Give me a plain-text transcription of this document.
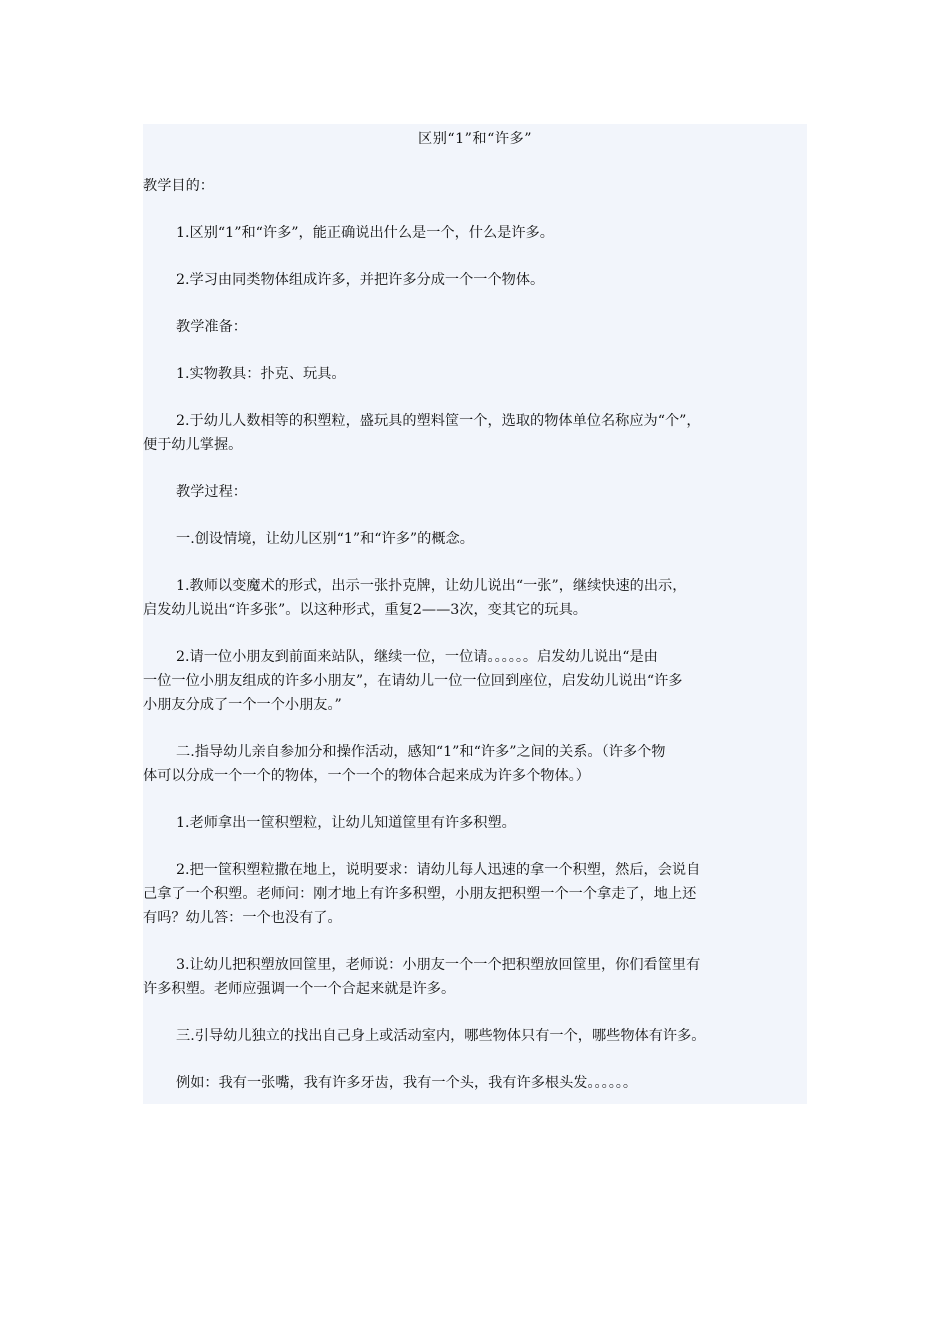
区别“1”和“许多”

教学目的：

1.区别“1”和“许多”，能正确说出什么是一个，什么是许多。

2.学习由同类物体组成许多，并把许多分成一个一个物体。

教学准备：

1.实物教具：扑克、玩具。

2.于幼儿人数相等的积塑粒，盛玩具的塑料筐一个，选取的物体单位名称应为“个”，

便于幼儿掌握。

教学过程：

一.创设情境，让幼儿区别“1”和“许多”的概念。

1.教师以变魔术的形式，出示一张扑克牌，让幼儿说出“一张”，继续快速的出示，

启发幼儿说出“许多张”。以这种形式，重复2——3次，变其它的玩具。

2.请一位小朋友到前面来站队，继续一位，一位请。。。。。。启发幼儿说出“是由

一位一位小朋友组成的许多小朋友”，在请幼儿一位一位回到座位，启发幼儿说出“许多

小朋友分成了一个一个小朋友。”

二.指导幼儿亲自参加分和操作活动，感知“1”和“许多”之间的关系。（许多个物

体可以分成一个一个的物体，一个一个的物体合起来成为许多个物体。）

1.老师拿出一筐积塑粒，让幼儿知道筐里有许多积塑。

2.把一筐积塑粒撒在地上，说明要求：请幼儿每人迅速的拿一个积塑，然后，会说自

己拿了一个积塑。老师问：刚才地上有许多积塑，小朋友把积塑一个一个拿走了，地上还

有吗？幼儿答：一个也没有了。

3.让幼儿把积塑放回筐里，老师说：小朋友一个一个把积塑放回筐里，你们看筐里有

许多积塑。老师应强调一个一个合起来就是许多。

三.引导幼儿独立的找出自己身上或活动室内，哪些物体只有一个，哪些物体有许多。

例如：我有一张嘴，我有许多牙齿，我有一个头，我有许多根头发。。。。。。
